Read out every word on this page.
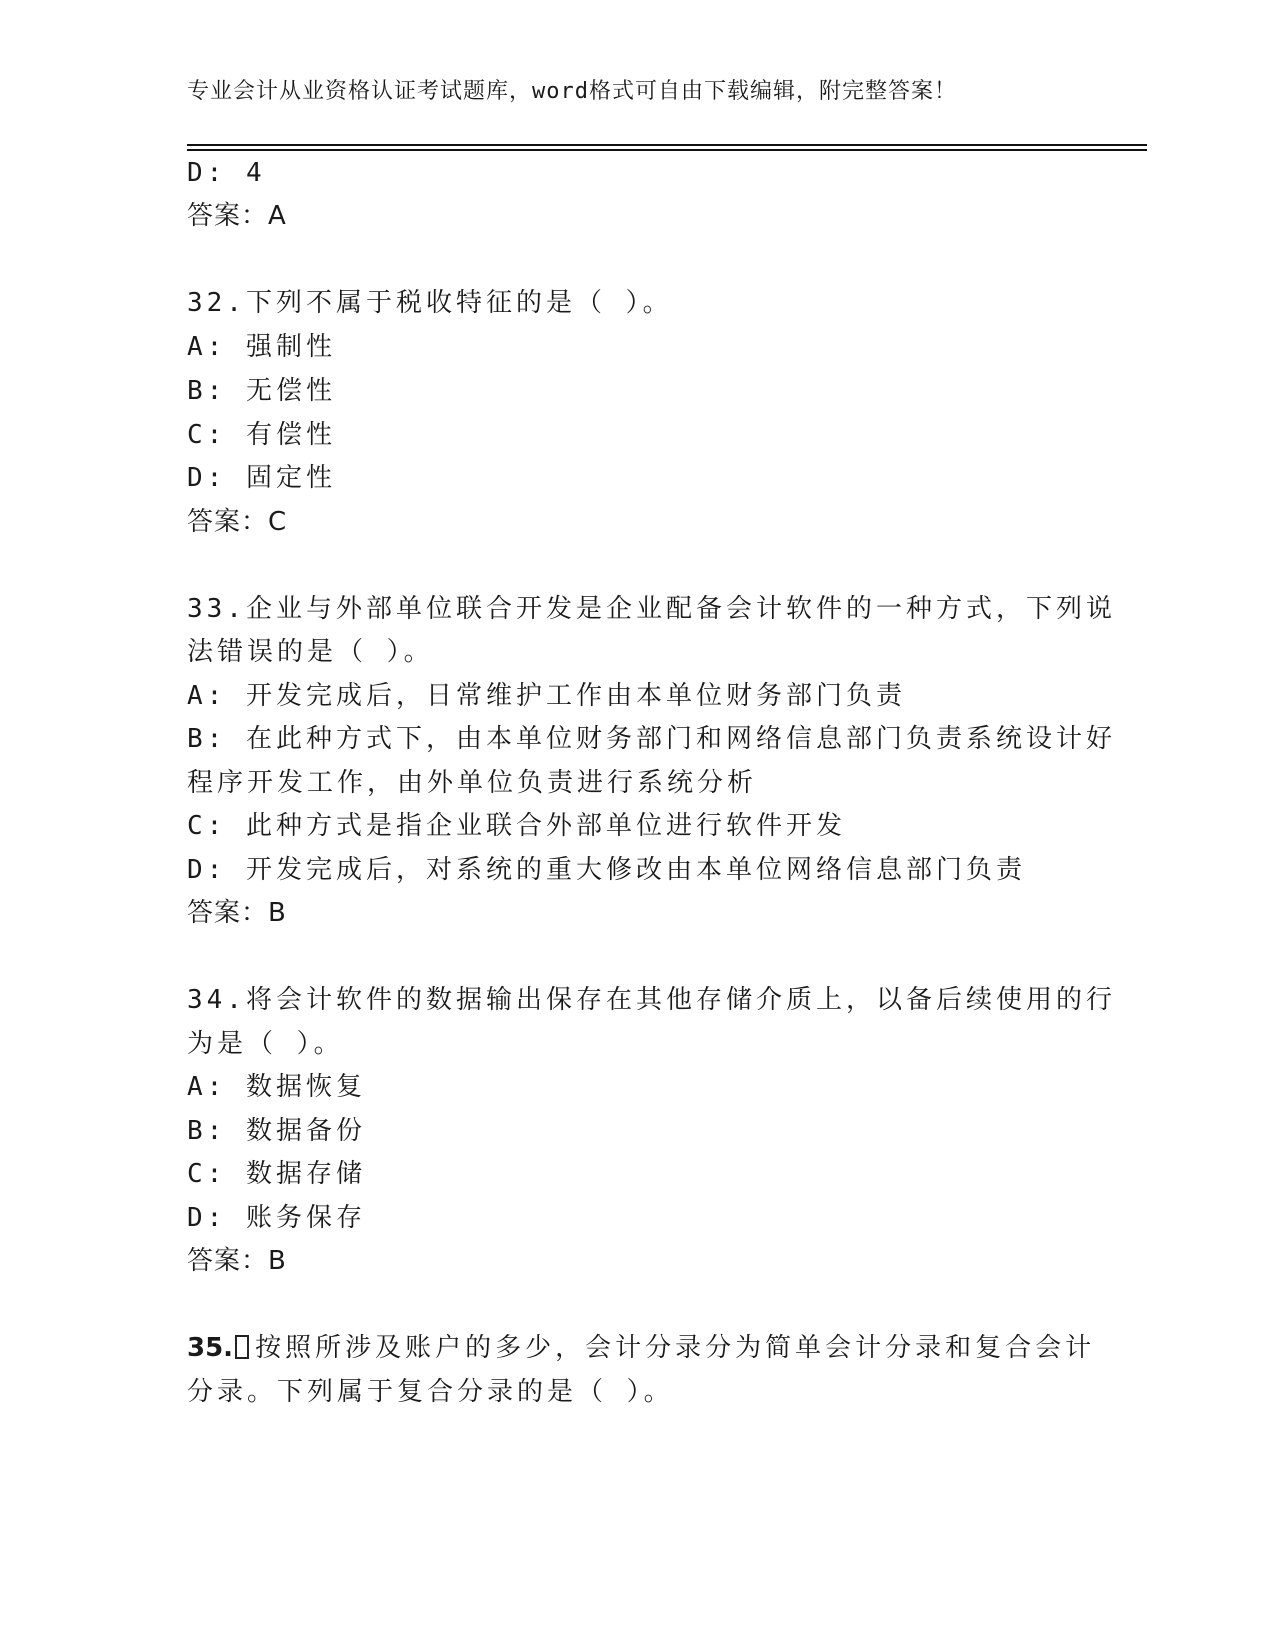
专业会计从业资格认证考试题库，word格式可自由下载编辑，附完整答案！
D: 4
答案：A
32.下列不属于税收特征的是（ ）。
A: 强制性
B: 无偿性
C: 有偿性
D: 固定性
答案：C
33.企业与外部单位联合开发是企业配备会计软件的一种方式，下列说
法错误的是（ ）。
A: 开发完成后，日常维护工作由本单位财务部门负责
B: 在此种方式下，由本单位财务部门和网络信息部门负责系统设计好
程序开发工作，由外单位负责进行系统分析
C: 此种方式是指企业联合外部单位进行软件开发
D: 开发完成后，对系统的重大修改由本单位网络信息部门负责
答案：B
34.将会计软件的数据输出保存在其他存储介质上，以备后续使用的行
为是（ ）。
A: 数据恢复
B: 数据备份
C: 数据存储
D: 账务保存
答案：B
35. 按照所涉及账户的多少，会计分录分为简单会计分录和复合会计
分录。下列属于复合分录的是（ ）。
